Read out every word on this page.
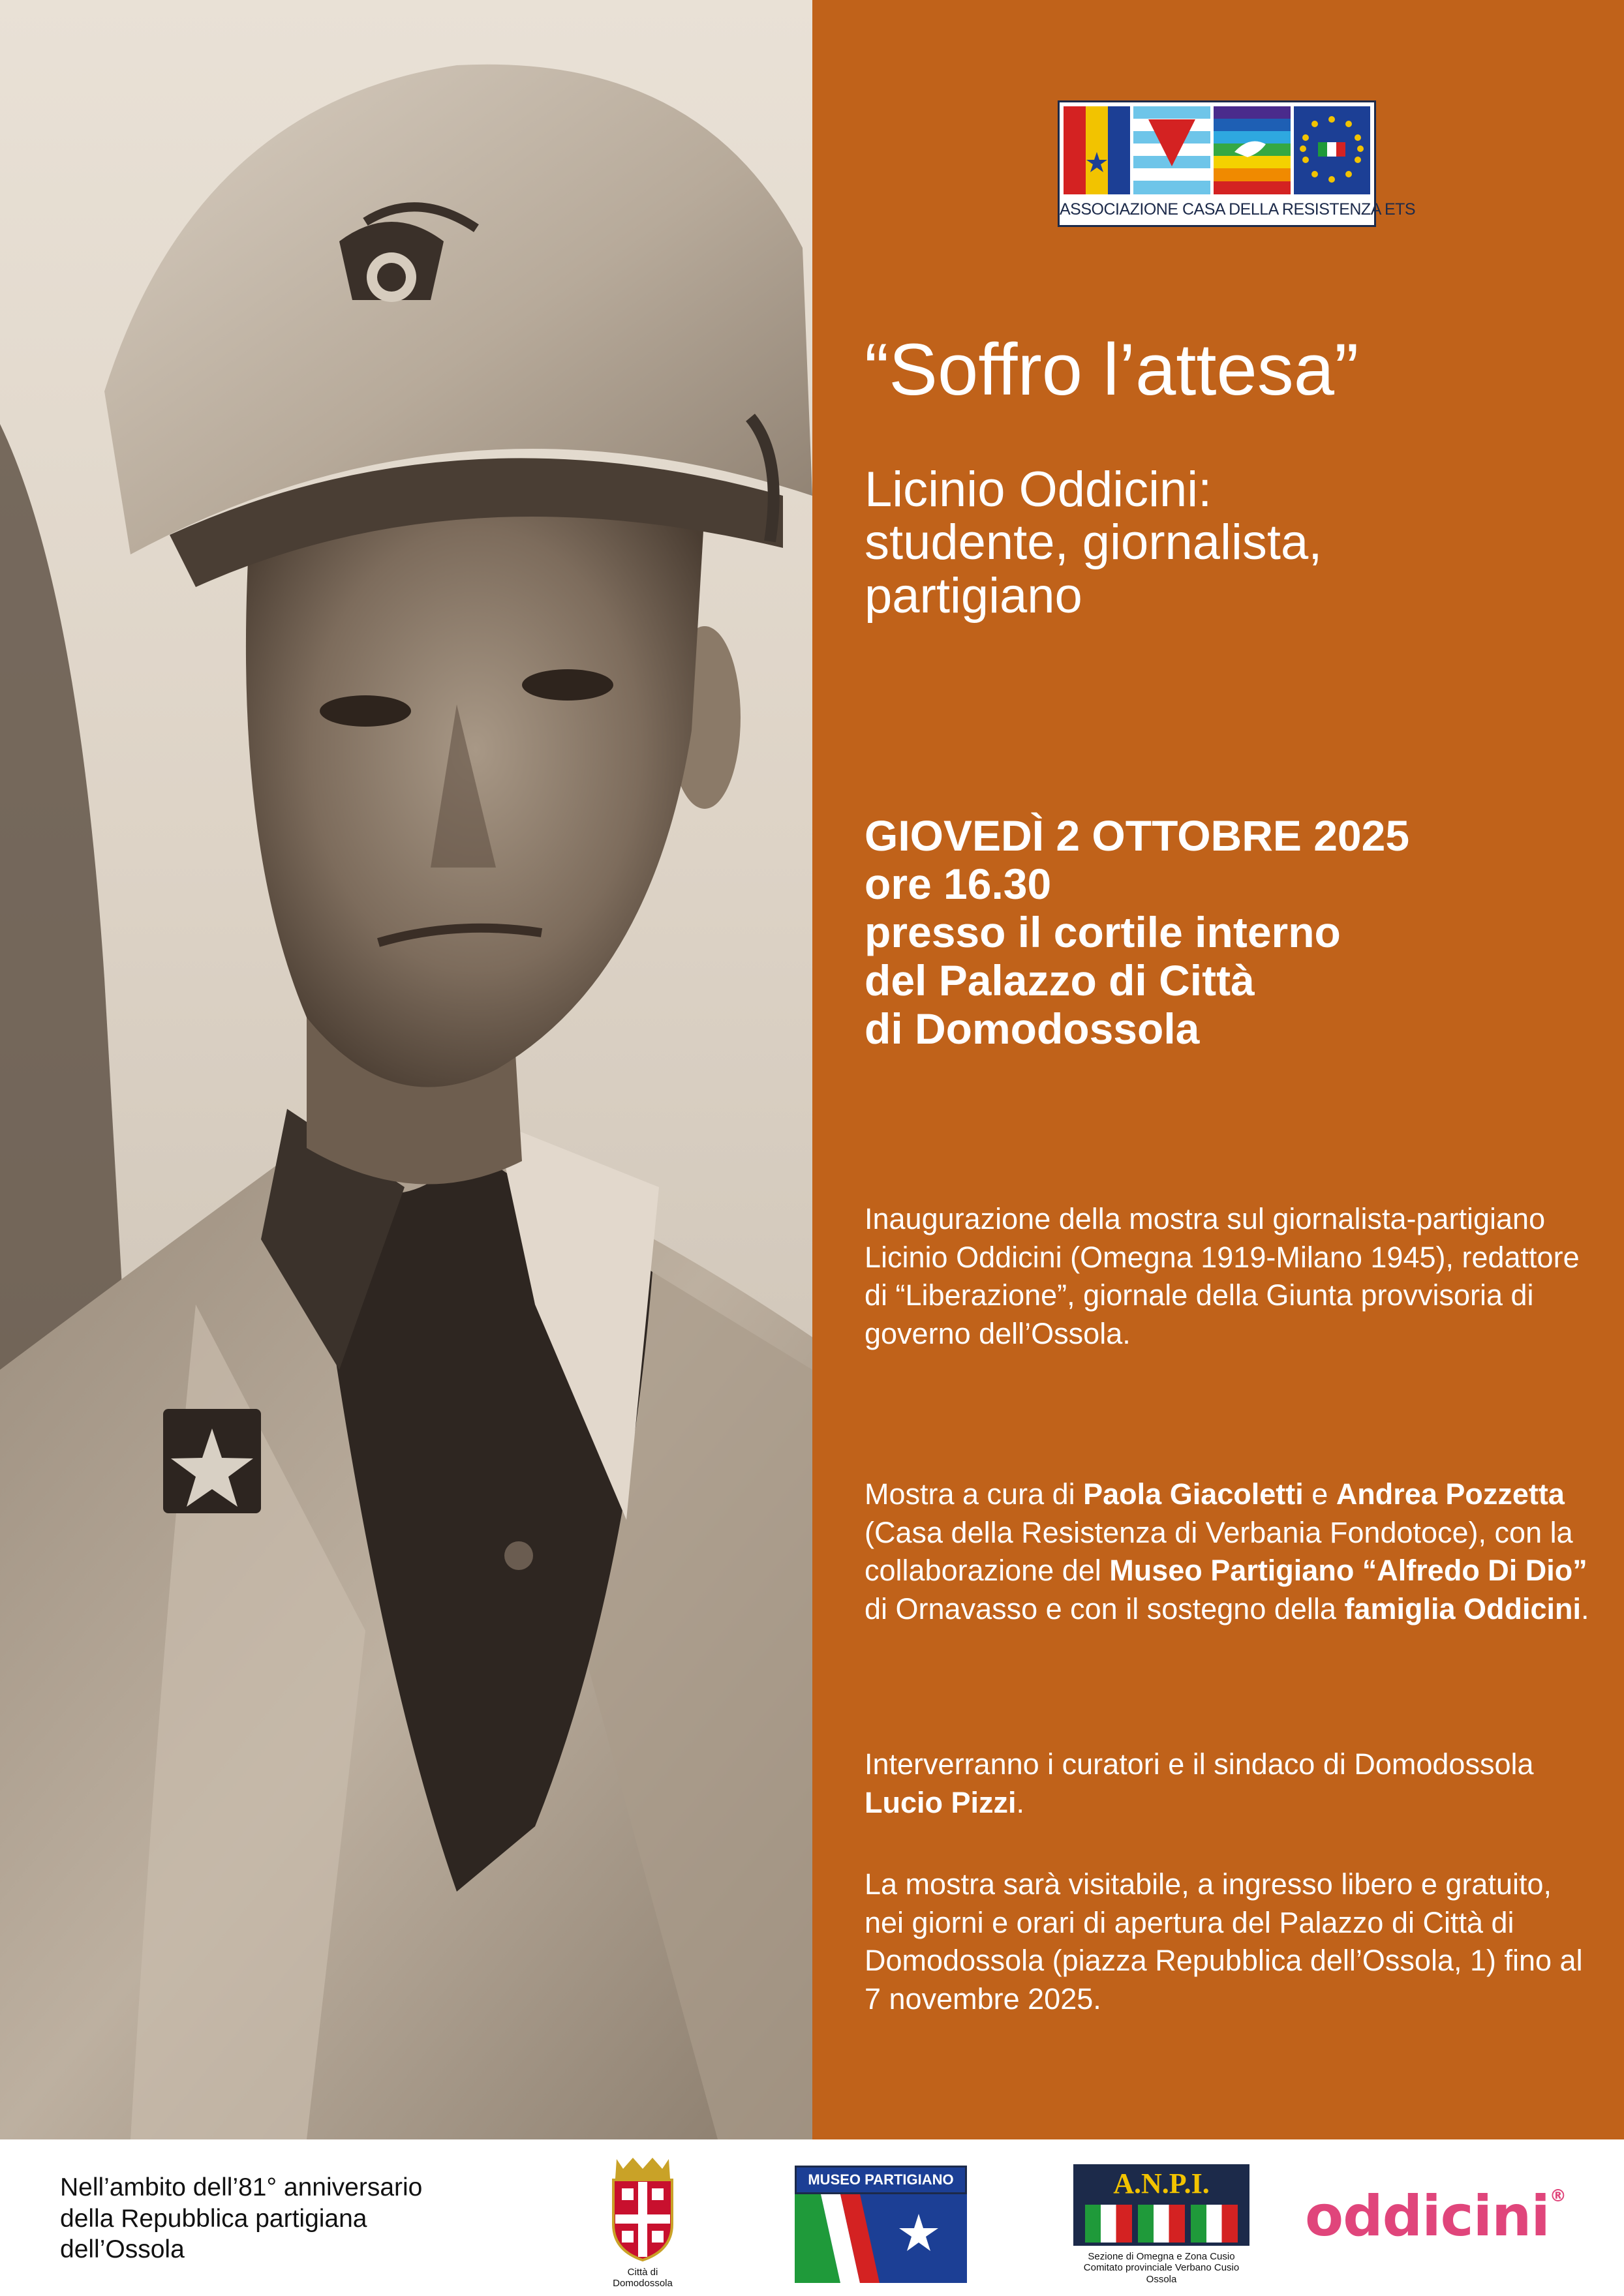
ASSOCIAZIONE CASA DELLA RESISTENZA ETS
“Soffro l’attesa”
Licinio Oddicini:
studente, giornalista,
partigiano
GIOVEDÌ 2 OTTOBRE 2025
ore 16.30
presso il cortile interno
del Palazzo di Città
di Domodossola

Inaugurazione della mostra sul giornalista-partigiano Licinio Oddicini (Omegna 1919-Milano 1945), redattore di “Liberazione”, giornale della Giunta provvisoria di governo dell’Ossola.

Mostra a cura di Paola Giacoletti e Andrea Pozzetta (Casa della Resistenza di Verbania Fondotoce), con la collaborazione del Museo Partigiano “Alfredo Di Dio” di Ornavasso e con il sostegno della famiglia Oddicini.

Interverranno i curatori e il sindaco di Domodossola Lucio Pizzi.

La mostra sarà visitabile, a ingresso libero e gratuito, nei giorni e orari di apertura del Palazzo di Città di Domodossola (piazza Repubblica dell’Ossola, 1) fino al 7 novembre 2025.

Nell’ambito dell’81° anniversario
della Repubblica partigiana
dell’Ossola
Città di
Domodossola
MUSEO PARTIGIANO	A.N.P.I.
Sezione di Omegna e Zona Cusio
Comitato provinciale Verbano Cusio Ossola
oddicini®
